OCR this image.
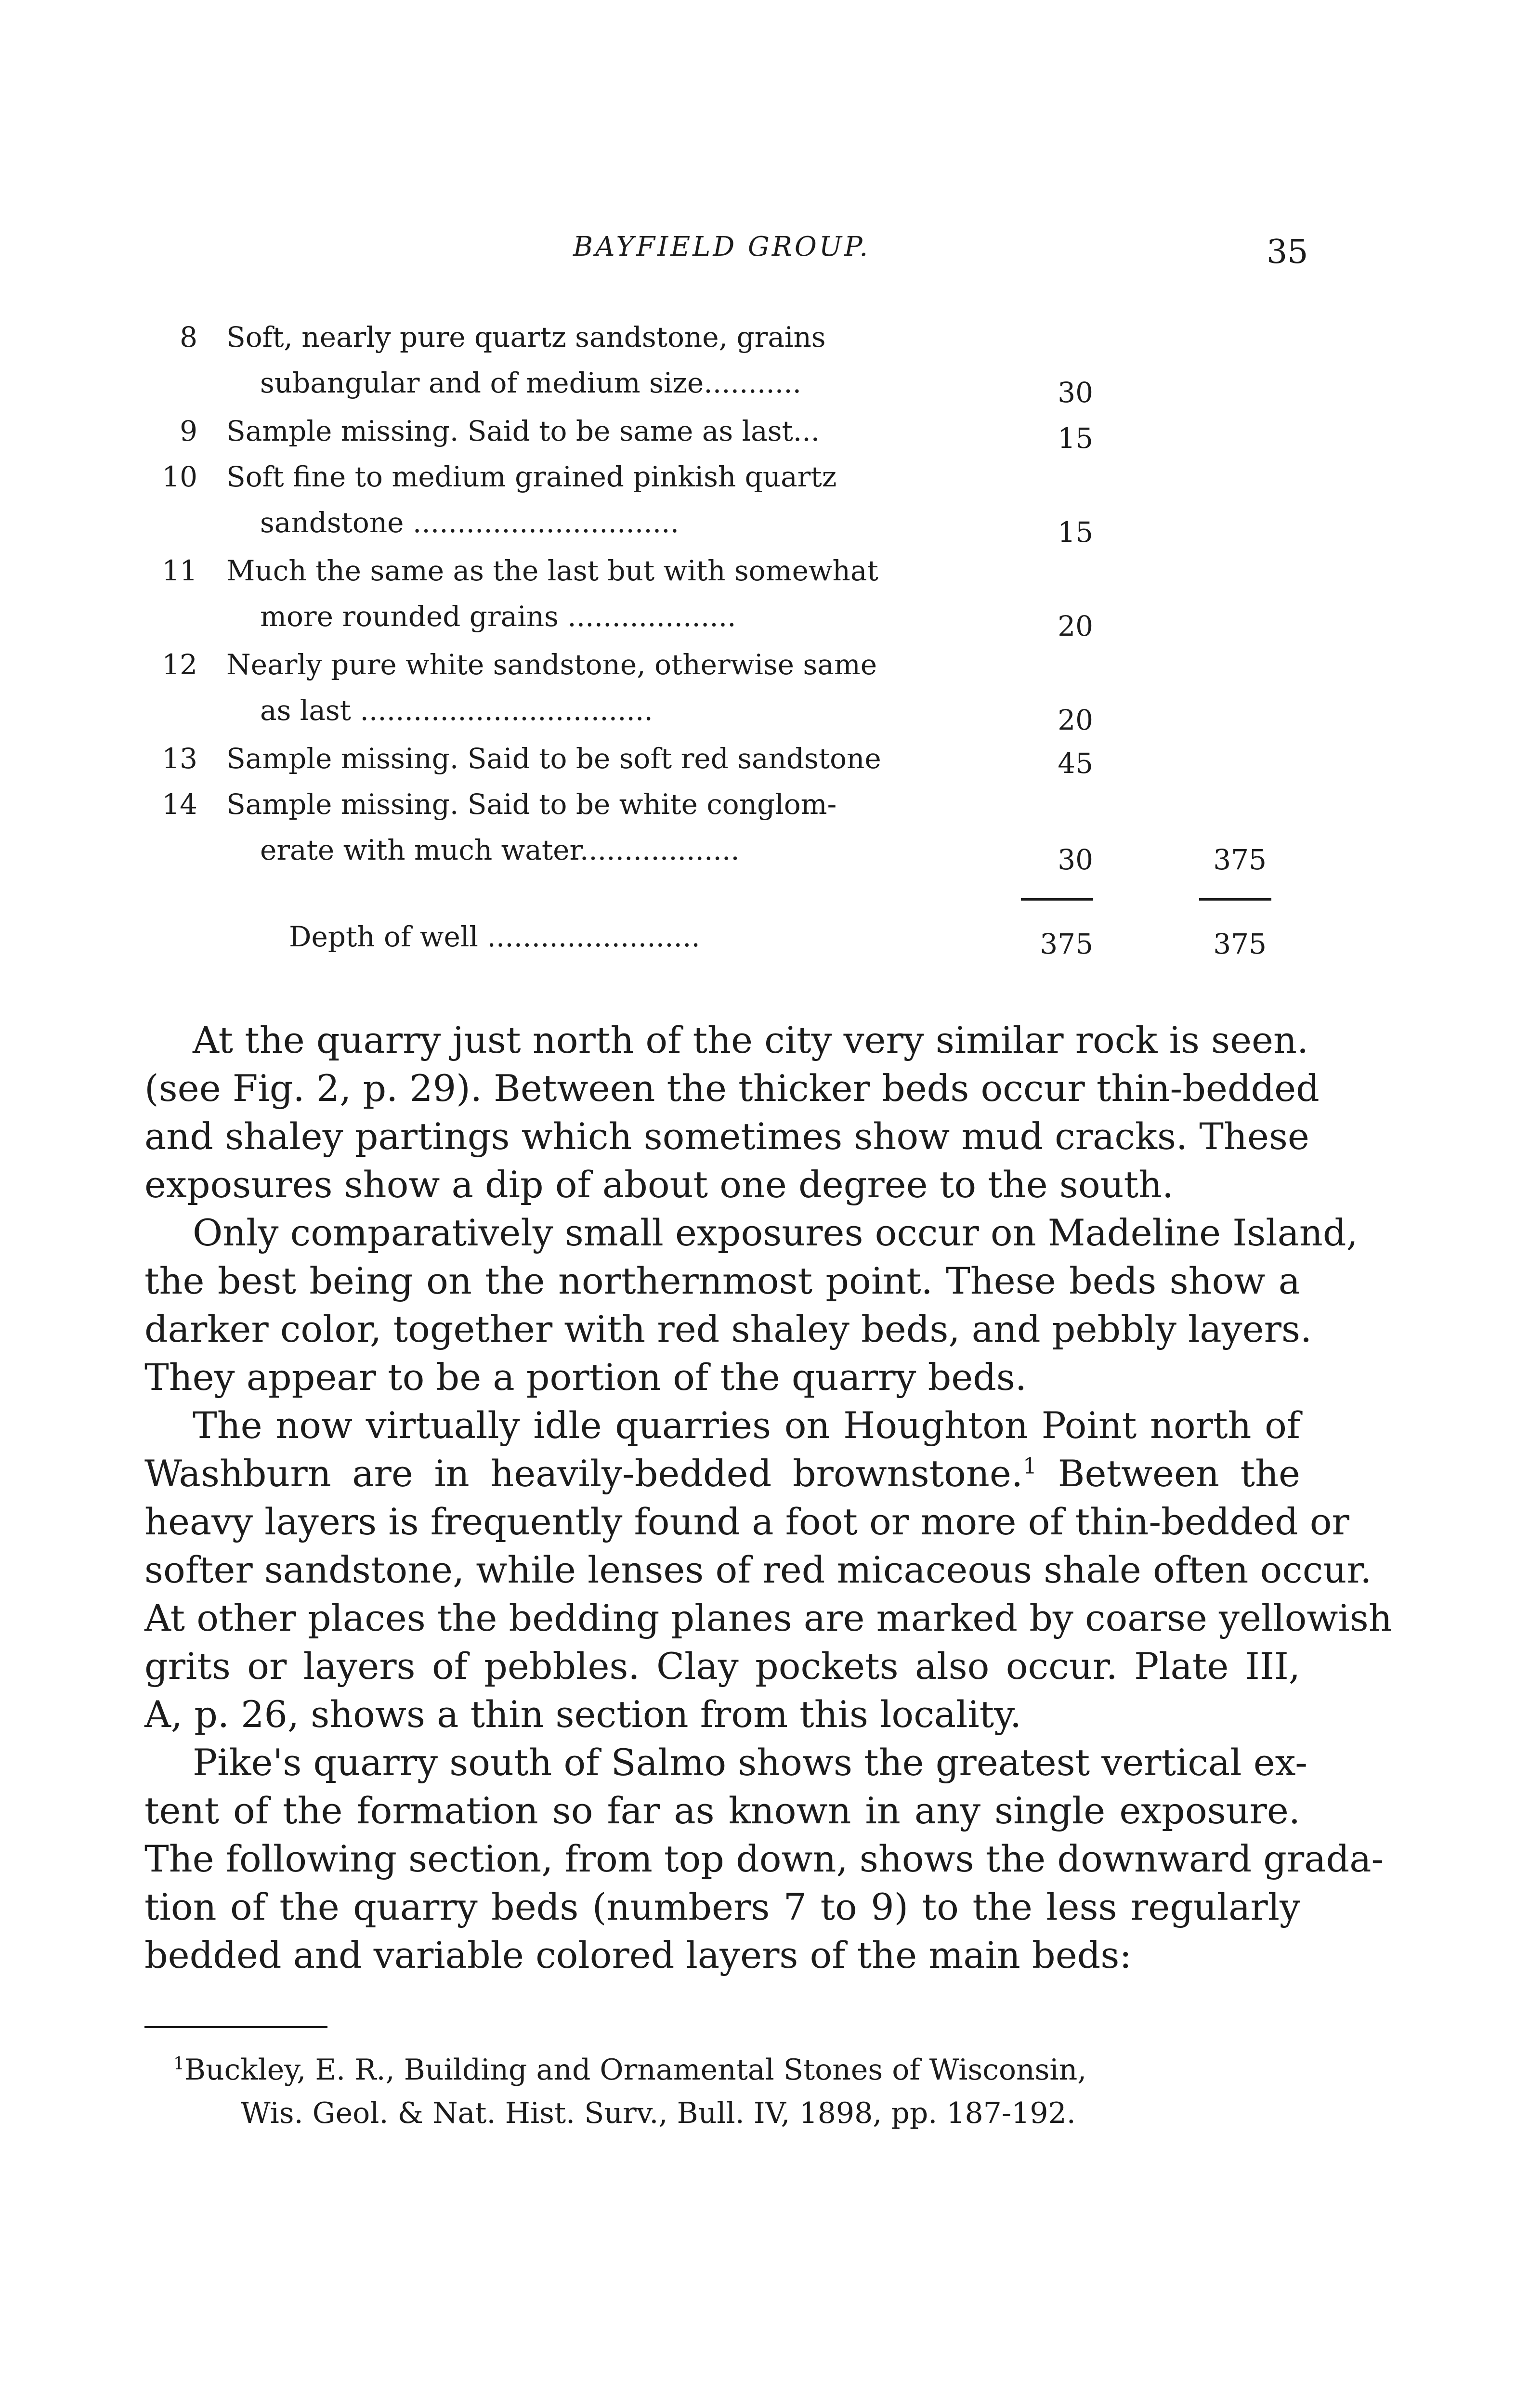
BAYFIELD GROUP.	35
8 Soft, nearly pure quartz sandstone, grains
subangular and of medium size...........	30
9 Sample missing. Said to be same as last...	15
10 Soft fine to medium grained pinkish quartz
sandstone ..............................	15
11 Much the same as the last but with somewhat
more rounded grains ...................	20
12 Nearly pure white sandstone, otherwise same
as last .................................	20
13 Sample missing. Said to be soft red sandstone	45
14 Sample missing. Said to be white conglom-
erate with much water..................	30	375
Depth of well ........................	375	375
At the quarry just north of the city very similar rock is seen.
(see Fig. 2, p. 29). Between the thicker beds occur thin-bedded
and shaley partings which sometimes show mud cracks. These
exposures show a dip of about one degree to the south.
Only comparatively small exposures occur on Madeline Island,
the best being on the northernmost point. These beds show a
darker color, together with red shaley beds, and pebbly layers.
They appear to be a portion of the quarry beds.
The now virtually idle quarries on Houghton Point north of
Washburn are in heavily-bedded brownstone.$^1$ Between the
heavy layers is frequently found a foot or more of thin-bedded or
softer sandstone, while lenses of red micaceous shale often occur.
At other places the bedding planes are marked by coarse yellowish
grits or layers of pebbles. Clay pockets also occur. Plate III,
A, p. 26, shows a thin section from this locality.
Pike's quarry south of Salmo shows the greatest vertical ex-
tent of the formation so far as known in any single exposure.
The following section, from top down, shows the downward grada-
tion of the quarry beds (numbers 7 to 9) to the less regularly
bedded and variable colored layers of the main beds:
$^1$Buckley, E. R., Building and Ornamental Stones of Wisconsin,
Wis. Geol. & Nat. Hist. Surv., Bull. IV, 1898, pp. 187-192.
